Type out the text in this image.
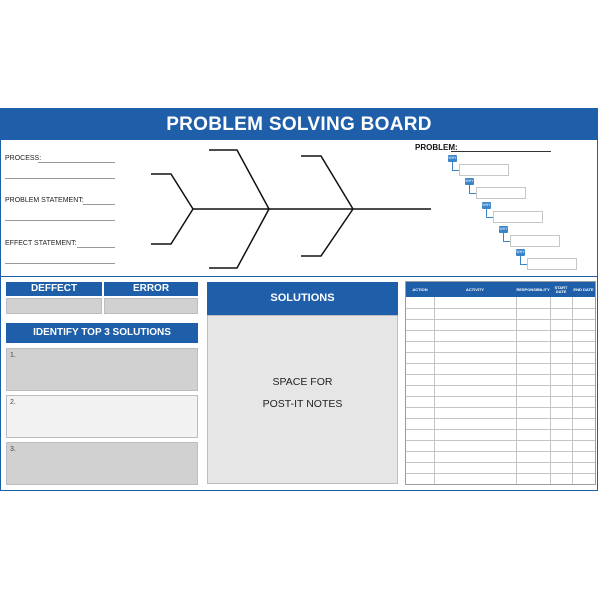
PROBLEM SOLVING BOARD
PROCESS:
PROBLEM STATEMENT:
EFFECT STATEMENT:
PROBLEM:
WHY
WHY
WHY
WHY
WHY
DEFFECT	ERROR
IDENTIFY TOP 3 SOLUTIONS
1.
2.
3.
SOLUTIONS
SPACE FOR
POST-IT NOTES
ACTION	ACTIVITY	RESPONSIBILITY	START DATE	END DATE
